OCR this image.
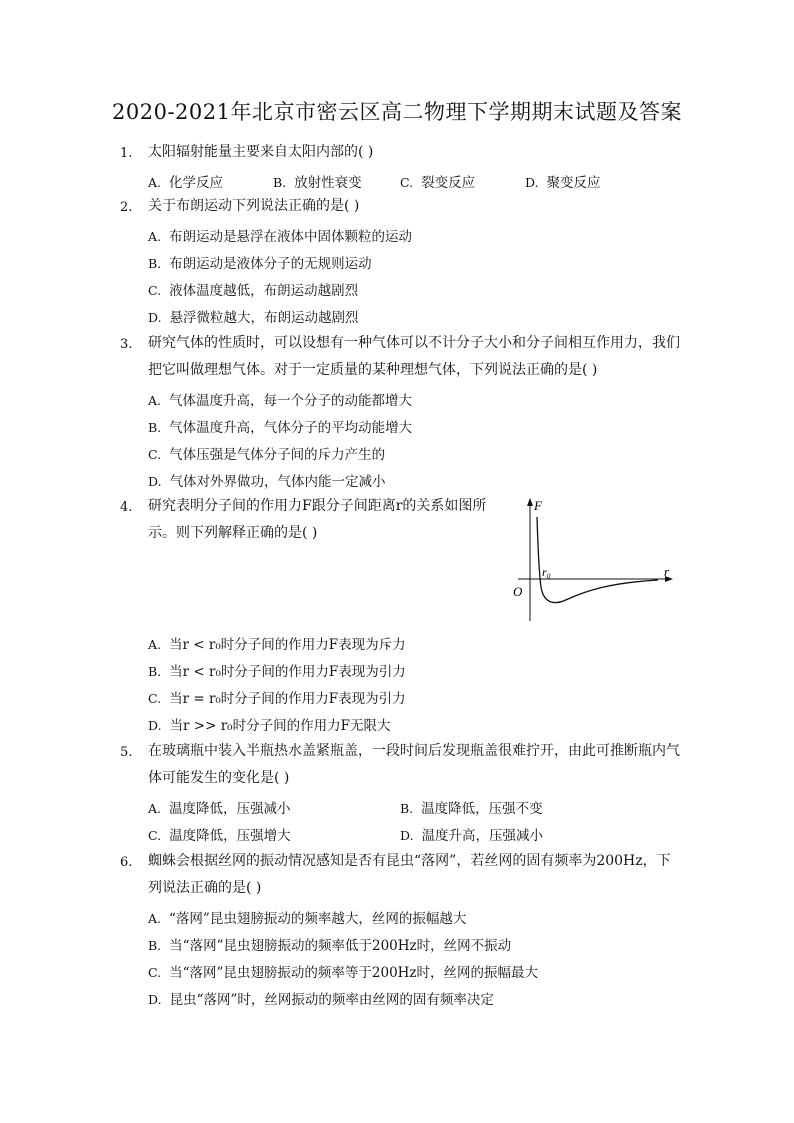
2020-2021年北京市密云区高二物理下学期期末试题及答案
1. 太阳辐射能量主要来自太阳内部的( )
A. 化学反应	B. 放射性衰变	C. 裂变反应	D. 聚变反应
2. 关于布朗运动下列说法正确的是( )
A. 布朗运动是悬浮在液体中固体颗粒的运动
B. 布朗运动是液体分子的无规则运动
C. 液体温度越低，布朗运动越剧烈
D. 悬浮微粒越大，布朗运动越剧烈
3. 研究气体的性质时，可以设想有一种气体可以不计分子大小和分子间相互作用力，我们
把它叫做理想气体。对于一定质量的某种理想气体，下列说法正确的是( )
A. 气体温度升高，每一个分子的动能都增大
B. 气体温度升高，气体分子的平均动能增大
C. 气体压强是气体分子间的斥力产生的
D. 气体对外界做功，气体内能一定减小
4. 研究表明分子间的作用力F跟分子间距离r的关系如图所
示。则下列解释正确的是( )
F
r
O
r₀
A. 当r < r₀时分子间的作用力F表现为斥力
B. 当r < r₀时分子间的作用力F表现为引力
C. 当r = r₀时分子间的作用力F表现为引力
D. 当r >> r₀时分子间的作用力F无限大
5. 在玻璃瓶中装入半瓶热水盖紧瓶盖，一段时间后发现瓶盖很难拧开，由此可推断瓶内气
体可能发生的变化是( )
A. 温度降低，压强减小	B. 温度降低，压强不变
C. 温度降低，压强增大	D. 温度升高，压强减小
6. 蜘蛛会根据丝网的振动情况感知是否有昆虫“落网”，若丝网的固有频率为200Hz，下
列说法正确的是( )
A. “落网”昆虫翅膀振动的频率越大，丝网的振幅越大
B. 当“落网”昆虫翅膀振动的频率低于200Hz时，丝网不振动
C. 当“落网”昆虫翅膀振动的频率等于200Hz时，丝网的振幅最大
D. 昆虫“落网”时，丝网振动的频率由丝网的固有频率决定
